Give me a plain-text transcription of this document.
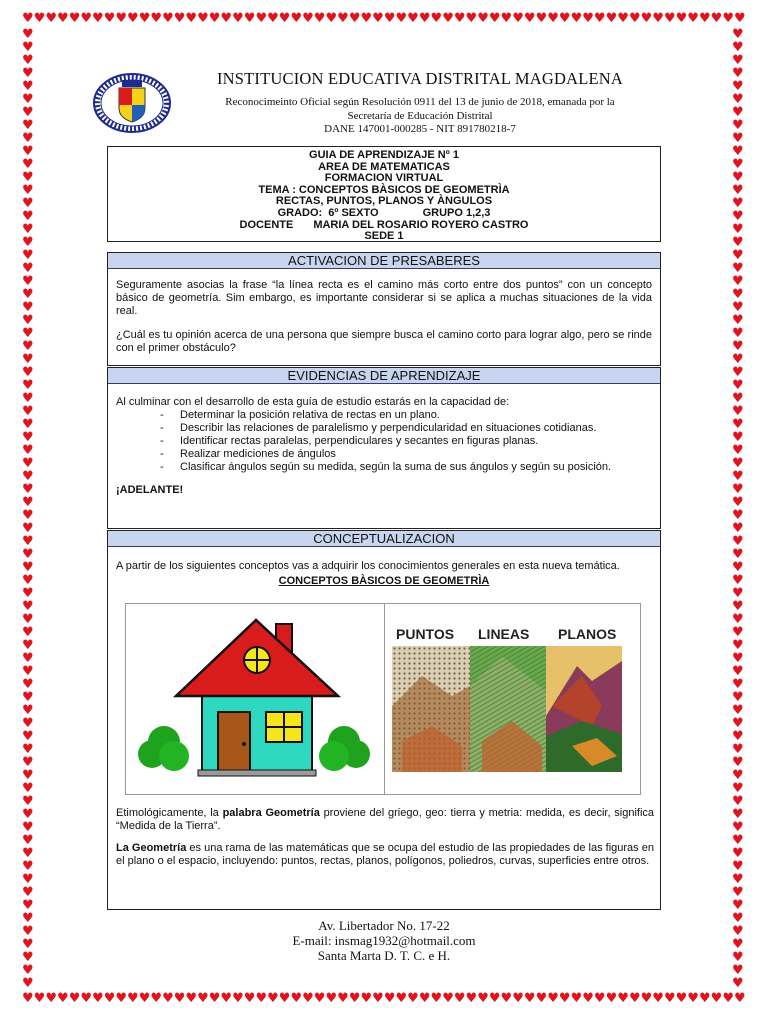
♥ ♥ ♥ ♥ ♥ ♥ ♥ ♥ ♥ ♥ ♥ ♥ ♥ ♥ ♥ ♥ ♥ ♥ ♥ ♥ ♥ ♥ ♥ ♥ ♥ ♥ ♥ ♥ ♥ ♥ ♥ ♥ ♥ ♥ ♥ ♥ ♥ ♥ ♥ ♥ ♥ ♥ ♥ ♥ ♥ ♥ ♥ ♥ ♥ ♥ ♥ ♥ ♥ ♥ ♥ ♥ ♥ ♥ ♥ ♥ ♥ ♥
♥ ♥ ♥ ♥ ♥ ♥ ♥ ♥ ♥ ♥ ♥ ♥ ♥ ♥ ♥ ♥ ♥ ♥ ♥ ♥ ♥ ♥ ♥ ♥ ♥ ♥ ♥ ♥ ♥ ♥ ♥ ♥ ♥ ♥ ♥ ♥ ♥ ♥ ♥ ♥ ♥ ♥ ♥ ♥ ♥ ♥ ♥ ♥ ♥ ♥ ♥ ♥ ♥ ♥ ♥ ♥ ♥ ♥ ♥ ♥ ♥ ♥
♥
♥
♥
♥
♥
♥
♥
♥
♥
♥
♥
♥
♥
♥
♥
♥
♥
♥
♥
♥
♥
♥
♥
♥
♥
♥
♥
♥
♥
♥
♥
♥
♥
♥
♥
♥
♥
♥
♥
♥
♥
♥
♥
♥
♥
♥
♥
♥
♥
♥
♥
♥
♥
♥
♥
♥
♥
♥
♥
♥
♥
♥
♥
♥
♥
♥
♥
♥
♥
♥
♥
♥
♥
♥
♥
♥
♥
♥
♥
♥
♥
♥
♥
♥
♥
♥
♥
♥
♥
♥
♥
♥
♥
♥
♥
♥
♥
♥
♥
♥
♥
♥
♥
♥
♥
♥
♥
♥
♥
♥
♥
♥
♥
♥
♥
♥
♥
♥
♥
♥
♥
♥
♥
♥
♥
♥
♥
♥
♥
♥
♥
♥
♥
♥
♥
♥
♥
♥
♥
♥
♥
♥
♥
♥
♥
♥
♥
♥
INSTITUCION EDUCATIVA DISTRITAL MAGDALENA
Reconocimeinto Oficial según Resolución 0911 del 13 de junio de 2018, emanada por la
Secretaría de Educación Distrital
DANE 147001-000285 - NIT 891780218-7
GUIA DE APRENDIZAJE Nº 1
AREA DE MATEMATICAS
FORMACION VIRTUAL
TEMA : CONCEPTOS BÀSICOS DE GEOMETRÌA
RECTAS, PUNTOS, PLANOS Y ÀNGULOS
GRADO:  6º SEXTO	GRUPO 1,2,3
DOCENTE MARIA DEL ROSARIO ROYERO CASTRO
SEDE 1
ACTIVACION DE PRESABERES

Seguramente asocias la frase “la línea recta es el camino más corto entre dos puntos” con un concepto básico de geometría. Sim embargo, es importante considerar si se aplica a muchas situaciones de la vida real.

¿Cuál es tu opinión acerca de una persona que siempre busca el camino corto para lograr algo, pero se rinde con el primer obstáculo?

EVIDENCIAS DE APRENDIZAJE
Al culminar con el desarrollo de esta guía de estudio estarás en la capacidad de:
- Determinar la posición relativa de rectas en un plano.
- Describir las relaciones de paralelismo y perpendicularidad en situaciones cotidianas.
- Identificar rectas paralelas, perpendiculares y secantes en figuras planas.
- Realizar mediciones de ángulos
- Clasificar ángulos según su medida, según la suma de sus ángulos y según su posición.
¡ADELANTE!
CONCEPTUALIZACION
A partir de los siguientes conceptos vas a adquirir los conocimientos generales en esta nueva temática.
CONCEPTOS BÀSICOS DE GEOMETRÌA
PUNTOS LINEAS PLANOS

Etimológicamente, la palabra Geometría proviene del griego, geo: tierra y metria: medida, es decir, significa “Medida de la Tierra”.

La Geometría es una rama de las matemáticas que se ocupa del estudio de las propiedades de las figuras en el plano o el espacio, incluyendo: puntos, rectas, planos, polígonos, poliedros, curvas, superficies entre otros.

Av. Libertador No. 17-22
E-mail: insmag1932@hotmail.com
Santa Marta D. T. C. e H.
